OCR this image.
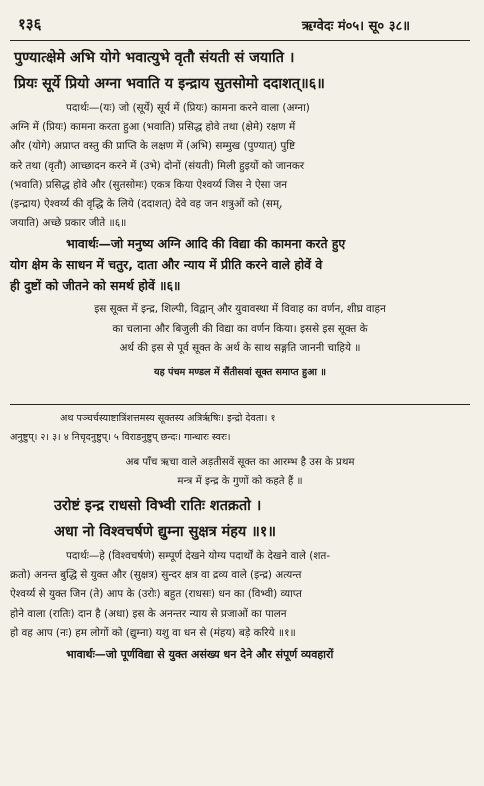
१३६	ऋग्वेदः मं०५। सू० ३८॥
पुण्यात्क्षेमे अभि योगे भवात्युभे वृतौ संयती सं जयाति ।
प्रियः सूर्ये प्रियो अग्ना भवाति य इन्द्राय सुतसोमो ददाशत्॥६॥
पदार्थः—(यः) जो (सूर्ये) सूर्य में (प्रियः) कामना करने वाला (अग्ना)
अग्नि में (प्रियः) कामना करता हुआ (भवाति) प्रसिद्ध होवे तथा (क्षेमे) रक्षण में
और (योगे) अप्राप्त वस्तु की प्राप्ति के लक्षण में (अभि) सम्मुख (पुण्यात्) पुष्टि
करे तथा (वृतौ) आच्छादन करने में (उभे) दोनों (संयती) मिली हुइयों को जानकर
(भवाति) प्रसिद्ध होवे और (सुतसोमः) एकत्र किया ऐश्वर्य्य जिस ने ऐसा जन
(इन्द्राय) ऐश्वर्य्य की वृद्धि के लिये (ददाशत्) देवे वह जन शत्रुओं को (सम्,
जयाति) अच्छे प्रकार जीते ॥६॥
भावार्थः—जो मनुष्य अग्नि आदि की विद्या की कामना करते हुए
योग क्षेम के साधन में चतुर, दाता और न्याय में प्रीति करने वाले होवें वे
ही दुष्टों को जीतने को समर्थ होवें ॥६॥
इस सूक्त में इन्द्र, शिल्पी, विद्वान् और युवावस्था में विवाह का वर्णन, शीघ्र वाहन
का चलाना और बिजुली की विद्या का वर्णन किया। इससे इस सूक्त के
अर्थ की इस से पूर्व सूक्त के अर्थ के साथ सङ्गति जाननी चाहिये ॥
यह पंचम मण्डल में सैंतीसवां सूक्त समाप्त हुआ ॥
अथ पञ्चर्चस्याष्टात्रिंशत्तमस्य सूक्तस्य अत्रिर्ऋषिः। इन्द्रो देवता। १
अनुष्टुप्। २। ३। ४ निचृदनुष्टुप्। ५ विराडनुष्टुप् छन्दः। गान्धारः स्वरः।
अब पाँच ऋचा वाले अड़तीसवें सूक्त का आरम्भ है उस के प्रथम
मन्त्र में इन्द्र के गुणों को कहते हैं ॥
उरोष्टं इन्द्र राधसो विभ्वी रातिः शतक्रतो ।
अधा नो विश्वचर्षणे द्युम्ना सुक्षत्र मंहय ॥१॥
पदार्थः—हे (विश्वचर्षणे) सम्पूर्ण देखने योग्य पदार्थों के देखने वाले (शत-
क्रतो) अनन्त बुद्धि से युक्त और (सुक्षत्र) सुन्दर क्षत्र वा द्रव्य वाले (इन्द्र) अत्यन्त
ऐश्वर्य्य से युक्त जिन (ते) आप के (उरोः) बहुत (राधसः) धन का (विभ्वी) व्याप्त
होने वाला (रातिः) दान है (अधा) इस के अनन्तर न्याय से प्रजाओं का पालन
हो वह आप (नः) हम लोगों को (द्युम्ना) यशु वा धन से (मंहय) बड़े करिये ॥१॥
भावार्थः—जो पूर्णविद्या से युक्त असंख्य धन देने और संपूर्ण व्यवहारों
